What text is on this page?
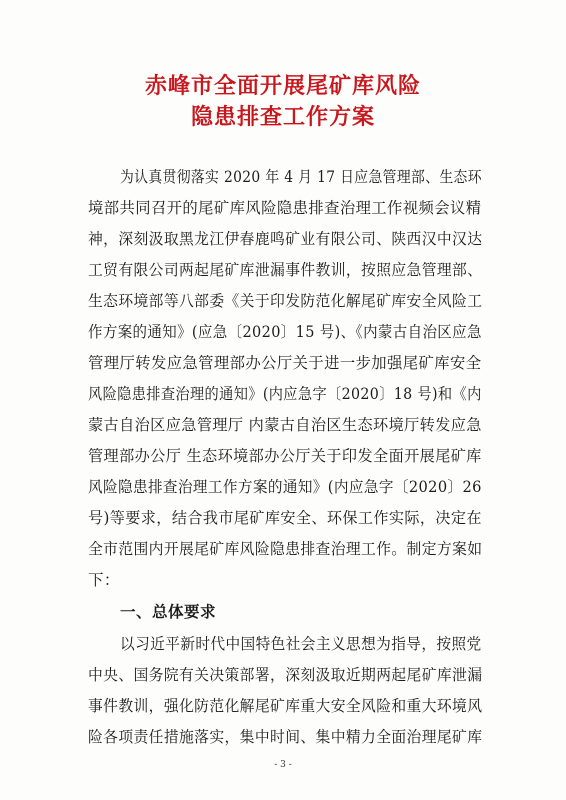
赤峰市全面开展尾矿库风险
隐患排查工作方案
为认真贯彻落实 2020 年 4 月 17 日应急管理部、生态环
境部共同召开的尾矿库风险隐患排查治理工作视频会议精
神，深刻汲取黑龙江伊春鹿鸣矿业有限公司、陕西汉中汉达
工贸有限公司两起尾矿库泄漏事件教训，按照应急管理部、
生态环境部等八部委《关于印发防范化解尾矿库安全风险工
作方案的通知》(应急〔2020〕15 号)、《内蒙古自治区应急
管理厅转发应急管理部办公厅关于进一步加强尾矿库安全
风险隐患排查治理的通知》(内应急字〔2020〕18 号)和《内
蒙古自治区应急管理厅 内蒙古自治区生态环境厅转发应急
管理部办公厅 生态环境部办公厅关于印发全面开展尾矿库
风险隐患排查治理工作方案的通知》(内应急字〔2020〕26
号)等要求，结合我市尾矿库安全、环保工作实际，决定在
全市范围内开展尾矿库风险隐患排查治理工作。制定方案如
下：
一、总体要求
以习近平新时代中国特色社会主义思想为指导，按照党
中央、国务院有关决策部署，深刻汲取近期两起尾矿库泄漏
事件教训，强化防范化解尾矿库重大安全风险和重大环境风
险各项责任措施落实，集中时间、集中精力全面治理尾矿库
- 3 -
